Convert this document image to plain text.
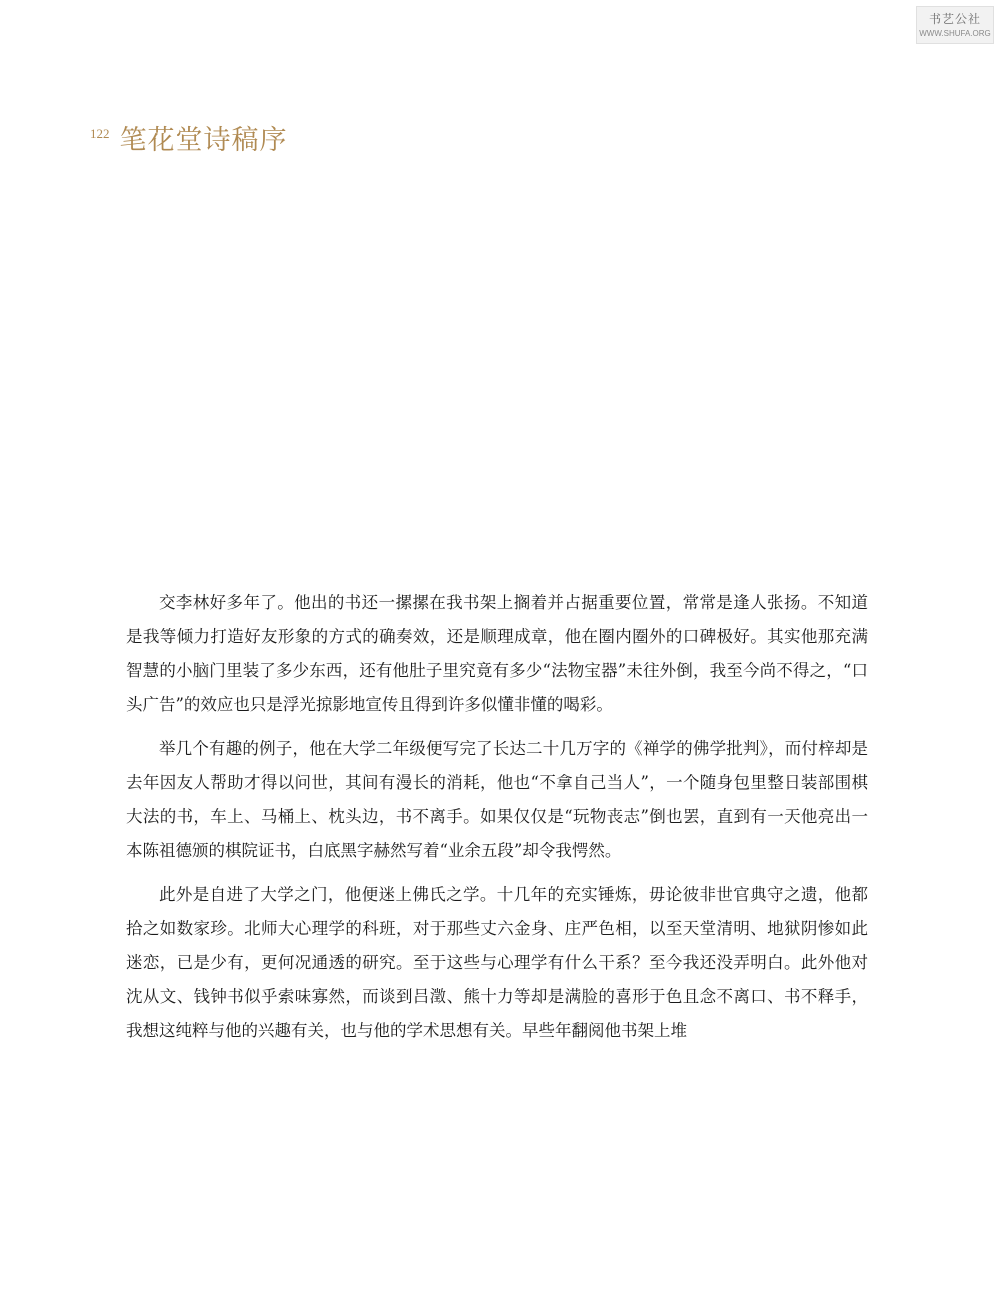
书艺公社
WWW.SHUFA.ORG
122 笔花堂诗稿序

交李林好多年了。他出的书还一摞摞在我书架上搁着并占据重要位置，常常是逢人张扬。不知道是我等倾力打造好友形象的方式的确奏效，还是顺理成章，他在圈内圈外的口碑极好。其实他那充满智慧的小脑门里装了多少东西，还有他肚子里究竟有多少“法物宝器”未往外倒，我至今尚不得之，“口头广告”的效应也只是浮光掠影地宣传且得到许多似懂非懂的喝彩。

举几个有趣的例子，他在大学二年级便写完了长达二十几万字的《禅学的佛学批判》，而付梓却是去年因友人帮助才得以问世，其间有漫长的消耗，他也“不拿自己当人”，一个随身包里整日装部围棋大法的书，车上、马桶上、枕头边，书不离手。如果仅仅是“玩物丧志”倒也罢，直到有一天他亮出一本陈祖德颁的棋院证书，白底黑字赫然写着“业余五段”却令我愕然。

此外是自进了大学之门，他便迷上佛氏之学。十几年的充实锤炼，毋论彼非世官典守之遗，他都拾之如数家珍。北师大心理学的科班，对于那些丈六金身、庄严色相，以至天堂清明、地狱阴惨如此迷恋，已是少有，更何况通透的研究。至于这些与心理学有什么干系？至今我还没弄明白。此外他对沈从文、钱钟书似乎索味寡然，而谈到吕澂、熊十力等却是满脸的喜形于色且念不离口、书不释手，我想这纯粹与他的兴趣有关，也与他的学术思想有关。早些年翻阅他书架上堆
